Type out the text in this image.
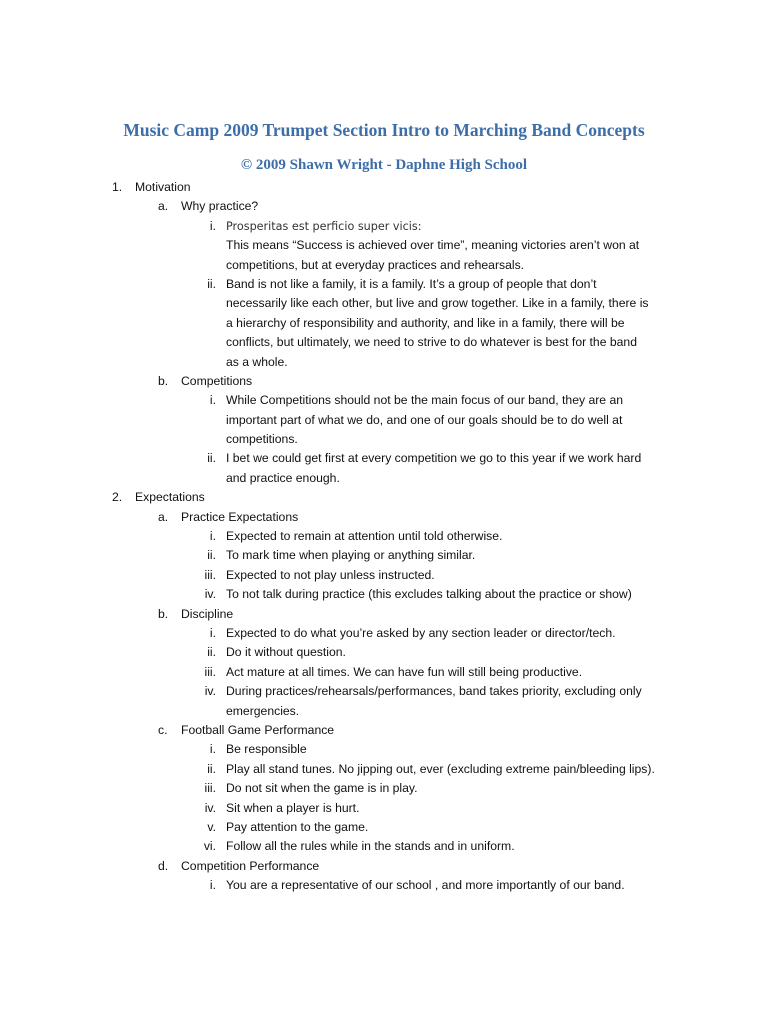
Music Camp 2009 Trumpet Section Intro to Marching Band Concepts
© 2009 Shawn Wright - Daphne High School
1. Motivation
a. Why practice?
i. Prosperitas est perficio super vicis:
This means “Success is achieved over time”, meaning victories aren’t won at
competitions, but at everyday practices and rehearsals.
ii. Band is not like a family, it is a family. It’s a group of people that don’t
necessarily like each other, but live and grow together. Like in a family, there is
a hierarchy of responsibility and authority, and like in a family, there will be
conflicts, but ultimately, we need to strive to do whatever is best for the band
as a whole.
b. Competitions
i. While Competitions should not be the main focus of our band, they are an
important part of what we do, and one of our goals should be to do well at
competitions.
ii. I bet we could get first at every competition we go to this year if we work hard
and practice enough.
2. Expectations
a. Practice Expectations
i. Expected to remain at attention until told otherwise.
ii. To mark time when playing or anything similar.
iii. Expected to not play unless instructed.
iv. To not talk during practice (this excludes talking about the practice or show)
b. Discipline
i. Expected to do what you’re asked by any section leader or director/tech.
ii. Do it without question.
iii. Act mature at all times. We can have fun will still being productive.
iv. During practices/rehearsals/performances, band takes priority, excluding only
emergencies.
c. Football Game Performance
i. Be responsible
ii. Play all stand tunes. No jipping out, ever (excluding extreme pain/bleeding lips).
iii. Do not sit when the game is in play.
iv. Sit when a player is hurt.
v. Pay attention to the game.
vi. Follow all the rules while in the stands and in uniform.
d. Competition Performance
i. You are a representative of our school , and more importantly of our band.
